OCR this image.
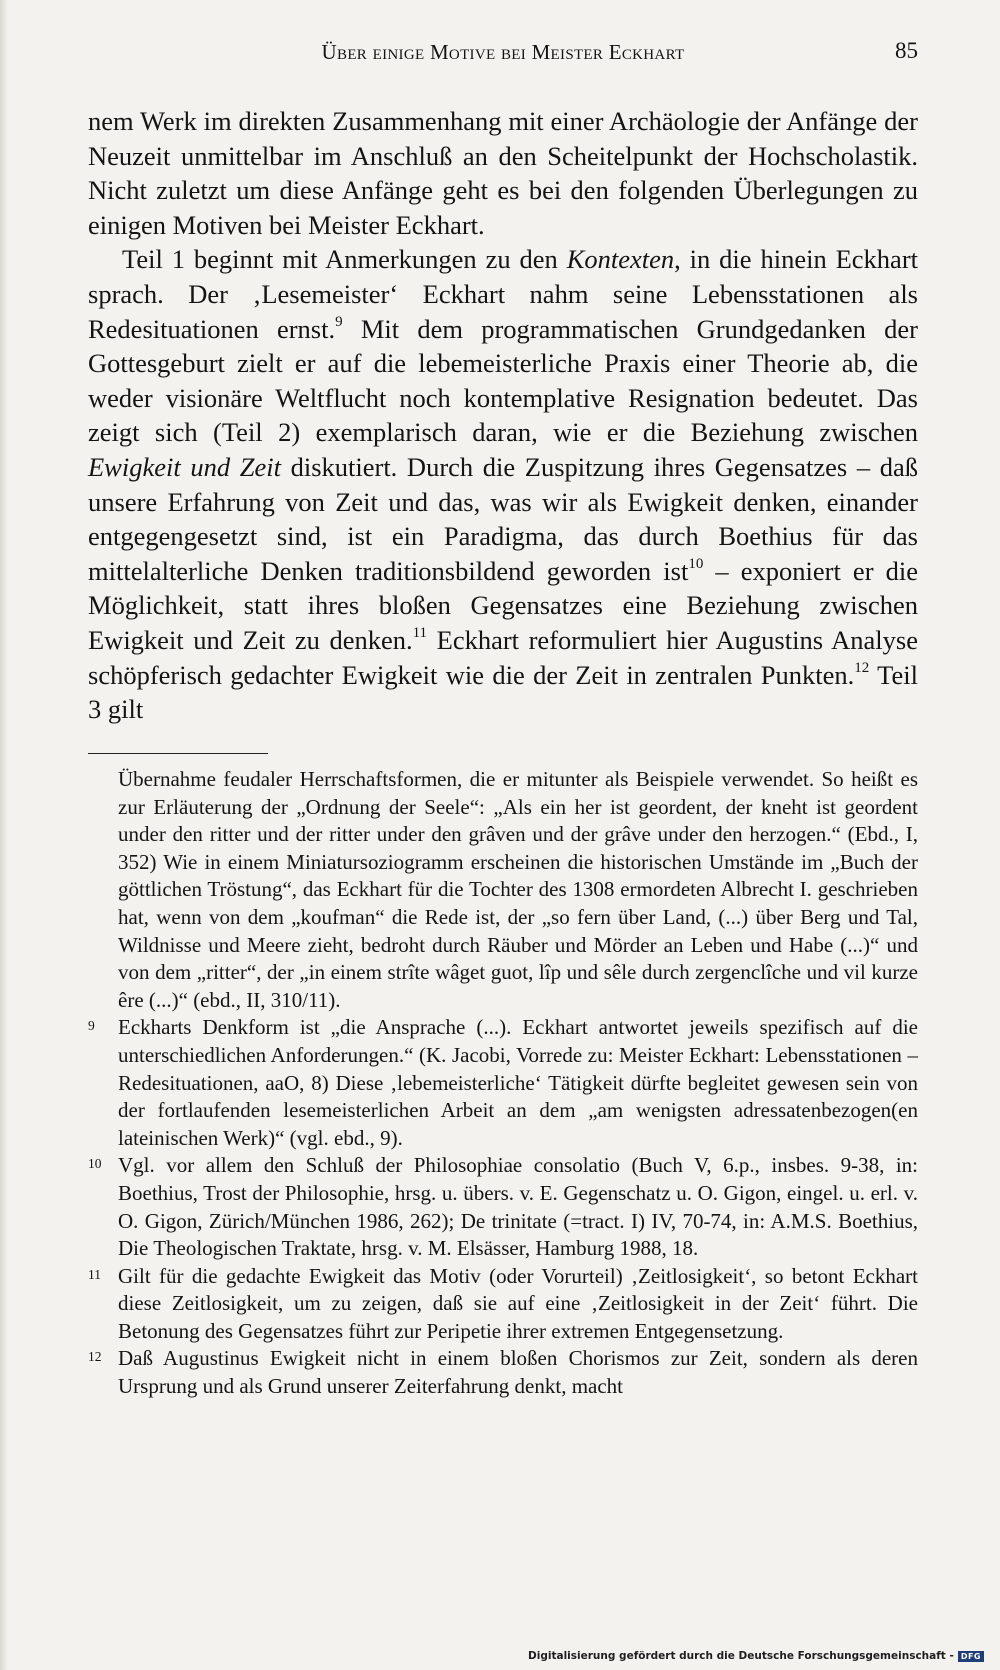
Über einige Motive bei Meister Eckhart	85

nem Werk im direkten Zusammenhang mit einer Archäologie der Anfänge der Neuzeit unmittelbar im Anschluß an den Scheitelpunkt der Hochscholastik. Nicht zuletzt um diese Anfänge geht es bei den folgenden Überlegungen zu einigen Motiven bei Meister Eckhart.

Teil 1 beginnt mit Anmerkungen zu den Kontexten, in die hinein Eckhart sprach. Der ‚Lesemeister‘ Eckhart nahm seine Lebensstationen als Redesituationen ernst.$^9$ Mit dem programmatischen Grundgedanken der Gottesgeburt zielt er auf die lebemeisterliche Praxis einer Theorie ab, die weder visionäre Weltflucht noch kontemplative Resignation bedeutet. Das zeigt sich (Teil 2) exemplarisch daran, wie er die Beziehung zwischen Ewigkeit und Zeit diskutiert. Durch die Zuspitzung ihres Gegensatzes – daß unsere Erfahrung von Zeit und das, was wir als Ewigkeit denken, einander entgegengesetzt sind, ist ein Paradigma, das durch Boethius für das mittelalterliche Denken traditionsbildend geworden ist$^{10}$ – exponiert er die Möglichkeit, statt ihres bloßen Gegensatzes eine Beziehung zwischen Ewigkeit und Zeit zu denken.$^{11}$ Eckhart reformuliert hier Augustins Analyse schöpferisch gedachter Ewigkeit wie die der Zeit in zentralen Punkten.$^{12}$ Teil 3 gilt

Übernahme feudaler Herrschaftsformen, die er mitunter als Beispiele verwendet. So heißt es zur Erläuterung der „Ordnung der Seele“: „Als ein her ist geordent, der kneht ist geordent under den ritter und der ritter under den grâven und der grâve under den herzogen.“ (Ebd., I, 352) Wie in einem Miniatursoziogramm erscheinen die historischen Umstände im „Buch der göttlichen Tröstung“, das Eckhart für die Tochter des 1308 ermordeten Albrecht I. geschrieben hat, wenn von dem „koufman“ die Rede ist, der „so fern über Land, (...) über Berg und Tal, Wildnisse und Meere zieht, bedroht durch Räuber und Mörder an Leben und Habe (...)“ und von dem „ritter“, der „in einem strîte wâget guot, lîp und sêle durch zergenclîche und vil kurze êre (...)“ (ebd., II, 310/11).

9 Eckharts Denkform ist „die Ansprache (...). Eckhart antwortet jeweils spezifisch auf die unterschiedlichen Anforderungen.“ (K. Jacobi, Vorrede zu: Meister Eckhart: Lebensstationen – Redesituationen, aaO, 8) Diese ‚lebemeisterliche‘ Tätigkeit dürfte begleitet gewesen sein von der fortlaufenden lesemeisterlichen Arbeit an dem „am wenigsten adressatenbezogen(en lateinischen Werk)“ (vgl. ebd., 9).

10 Vgl. vor allem den Schluß der Philosophiae consolatio (Buch V, 6.p., insbes. 9-38, in: Boethius, Trost der Philosophie, hrsg. u. übers. v. E. Gegenschatz u. O. Gigon, eingel. u. erl. v. O. Gigon, Zürich/München 1986, 262); De trinitate (=tract. I) IV, 70-74, in: A.M.S. Boethius, Die Theologischen Traktate, hrsg. v. M. Elsässer, Hamburg 1988, 18.

11 Gilt für die gedachte Ewigkeit das Motiv (oder Vorurteil) ‚Zeitlosigkeit‘, so betont Eckhart diese Zeitlosigkeit, um zu zeigen, daß sie auf eine ‚Zeitlosigkeit in der Zeit‘ führt. Die Betonung des Gegensatzes führt zur Peripetie ihrer extremen Entgegensetzung.

12 Daß Augustinus Ewigkeit nicht in einem bloßen Chorismos zur Zeit, sondern als deren Ursprung und als Grund unserer Zeiterfahrung denkt, macht

Digitalisierung gefördert durch die Deutsche Forschungsgemeinschaft - DFG
